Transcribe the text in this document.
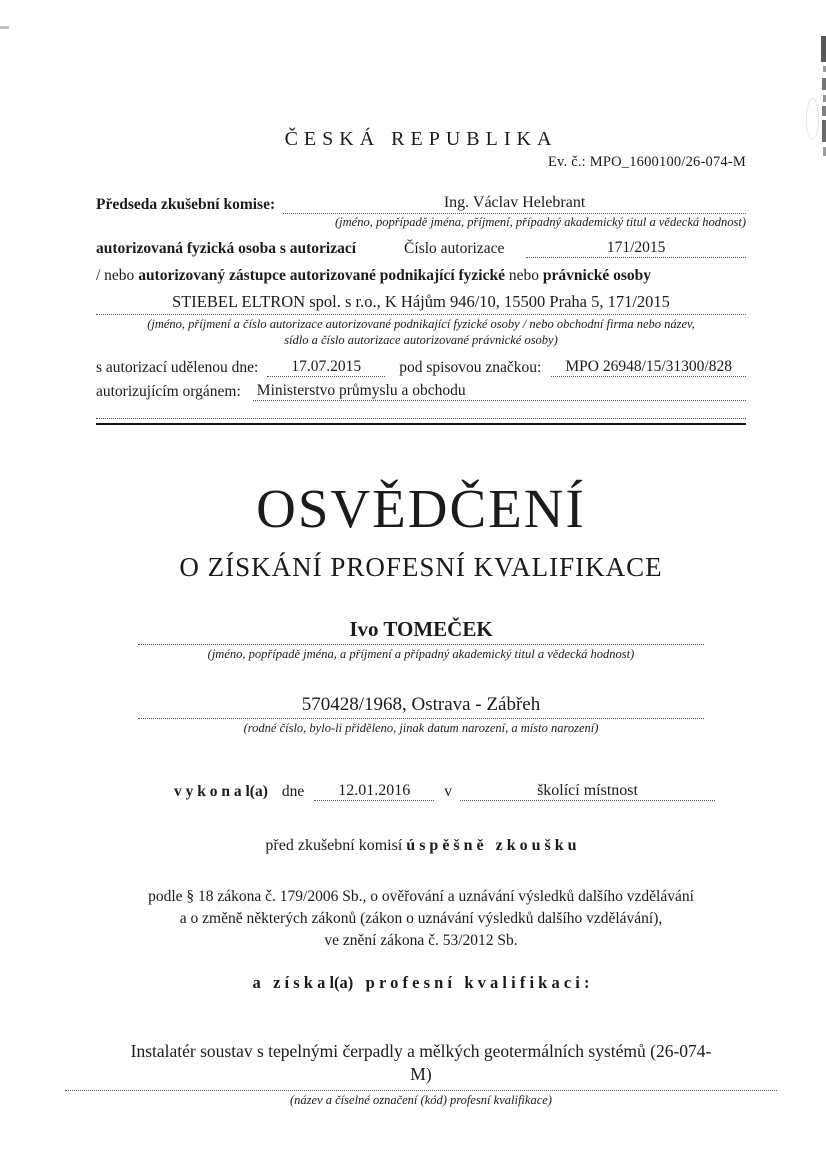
ČESKÁ REPUBLIKA
Ev. č.: MPO_1600100/26-074-M
Předseda zkušební komise:	Ing. Václav Helebrant
(jméno, popřípadě jména, příjmení, případný akademický titul a vědecká hodnost)
autorizovaná fyzická osoba s autorizací	Číslo autorizace	171/2015
/ nebo autorizovaný zástupce autorizované podnikající fyzické nebo právnické osoby
STIEBEL ELTRON spol. s r.o., K Hájům 946/10, 15500 Praha 5, 171/2015
(jméno, příjmení a číslo autorizace autorizované podnikající fyzické osoby / nebo obchodní firma nebo název,
sídlo a číslo autorizace autorizované právnické osoby)
s autorizací udělenou dne:	17.07.2015	pod spisovou značkou:	MPO 26948/15/31300/828
autorizujícím orgánem: Ministerstvo průmyslu a obchodu
OSVĚDČENÍ
O ZÍSKÁNÍ PROFESNÍ KVALIFIKACE
Ivo TOMEČEK
(jméno, popřípadě jména, a příjmení a případný akademický titul a vědecká hodnost)
570428/1968, Ostrava - Zábřeh
(rodné číslo, bylo-li přiděleno, jinak datum narození, a místo narození)
v y k o n a l(a) dne	12.01.2016	v	školící místnost
před zkušební komisí ú s p ě š n ě   z k o u š k u
podle § 18 zákona č. 179/2006 Sb., o ověřování a uznávání výsledků dalšího vzdělávání
a o změně některých zákonů (zákon o uznávání výsledků dalšího vzdělávání),
ve znění zákona č. 53/2012 Sb.
a   z í s k a l(a)   p r o f e s n í   k v a l i f i k a c i :
Instalatér soustav s tepelnými čerpadly a mělkých geotermálních systémů (26-074-
M)
(název a číselné označení (kód) profesní kvalifikace)
